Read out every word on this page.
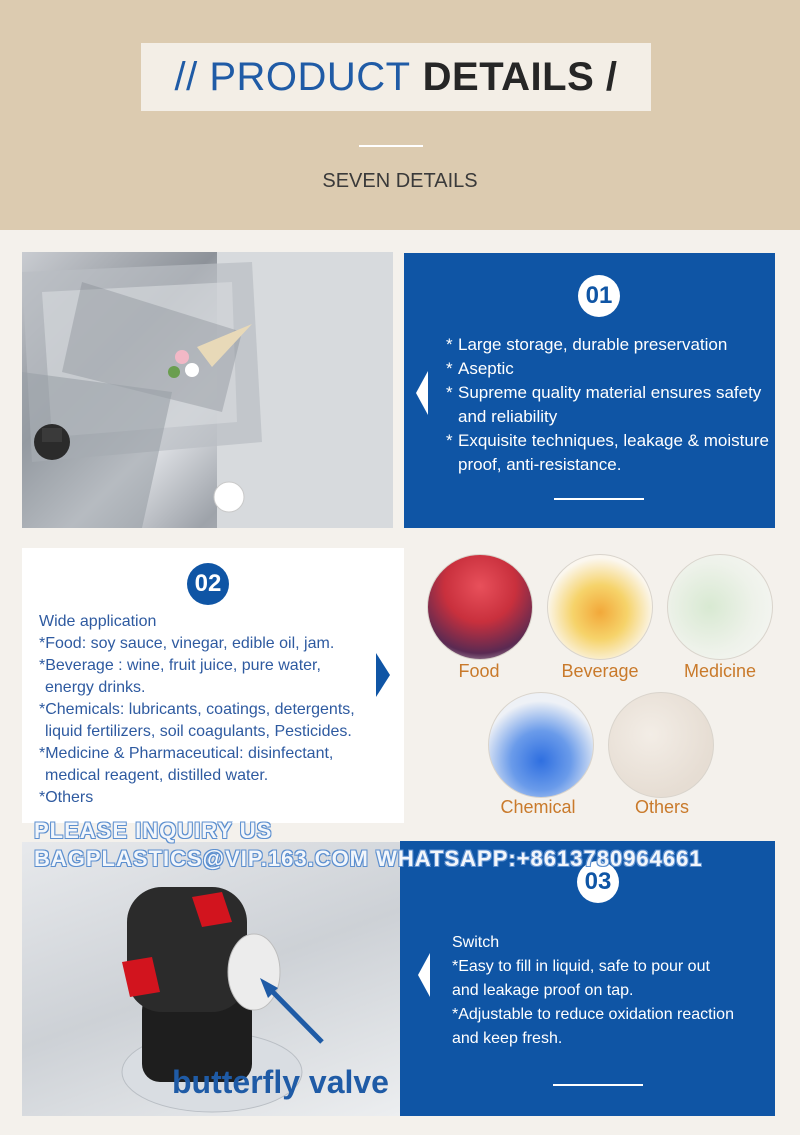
// PRODUCT DETAILS /
SEVEN DETAILS
01
* Large storage, durable preservation
* Aseptic
* Supreme quality material ensures safety and reliability
* Exquisite techniques, leakage & moisture proof, anti-resistance.
02
Wide application
*Food: soy sauce, vinegar, edible oil, jam.
*Beverage : wine, fruit juice, pure water,
energy drinks.
*Chemicals: lubricants, coatings, detergents,
liquid fertilizers, soil coagulants, Pesticides.
*Medicine & Pharmaceutical: disinfectant,
medical reagent, distilled water.
*Others
Food	Beverage	Medicine
Chemical	Others
03
Switch
*Easy to fill in liquid, safe to pour out
and leakage proof on tap.
*Adjustable to reduce oxidation reaction
and keep fresh.
butterfly valve
PLEASE INQUIRY US
BAGPLASTICS@VIP.163.COM WHATSAPP:+8613780964661
